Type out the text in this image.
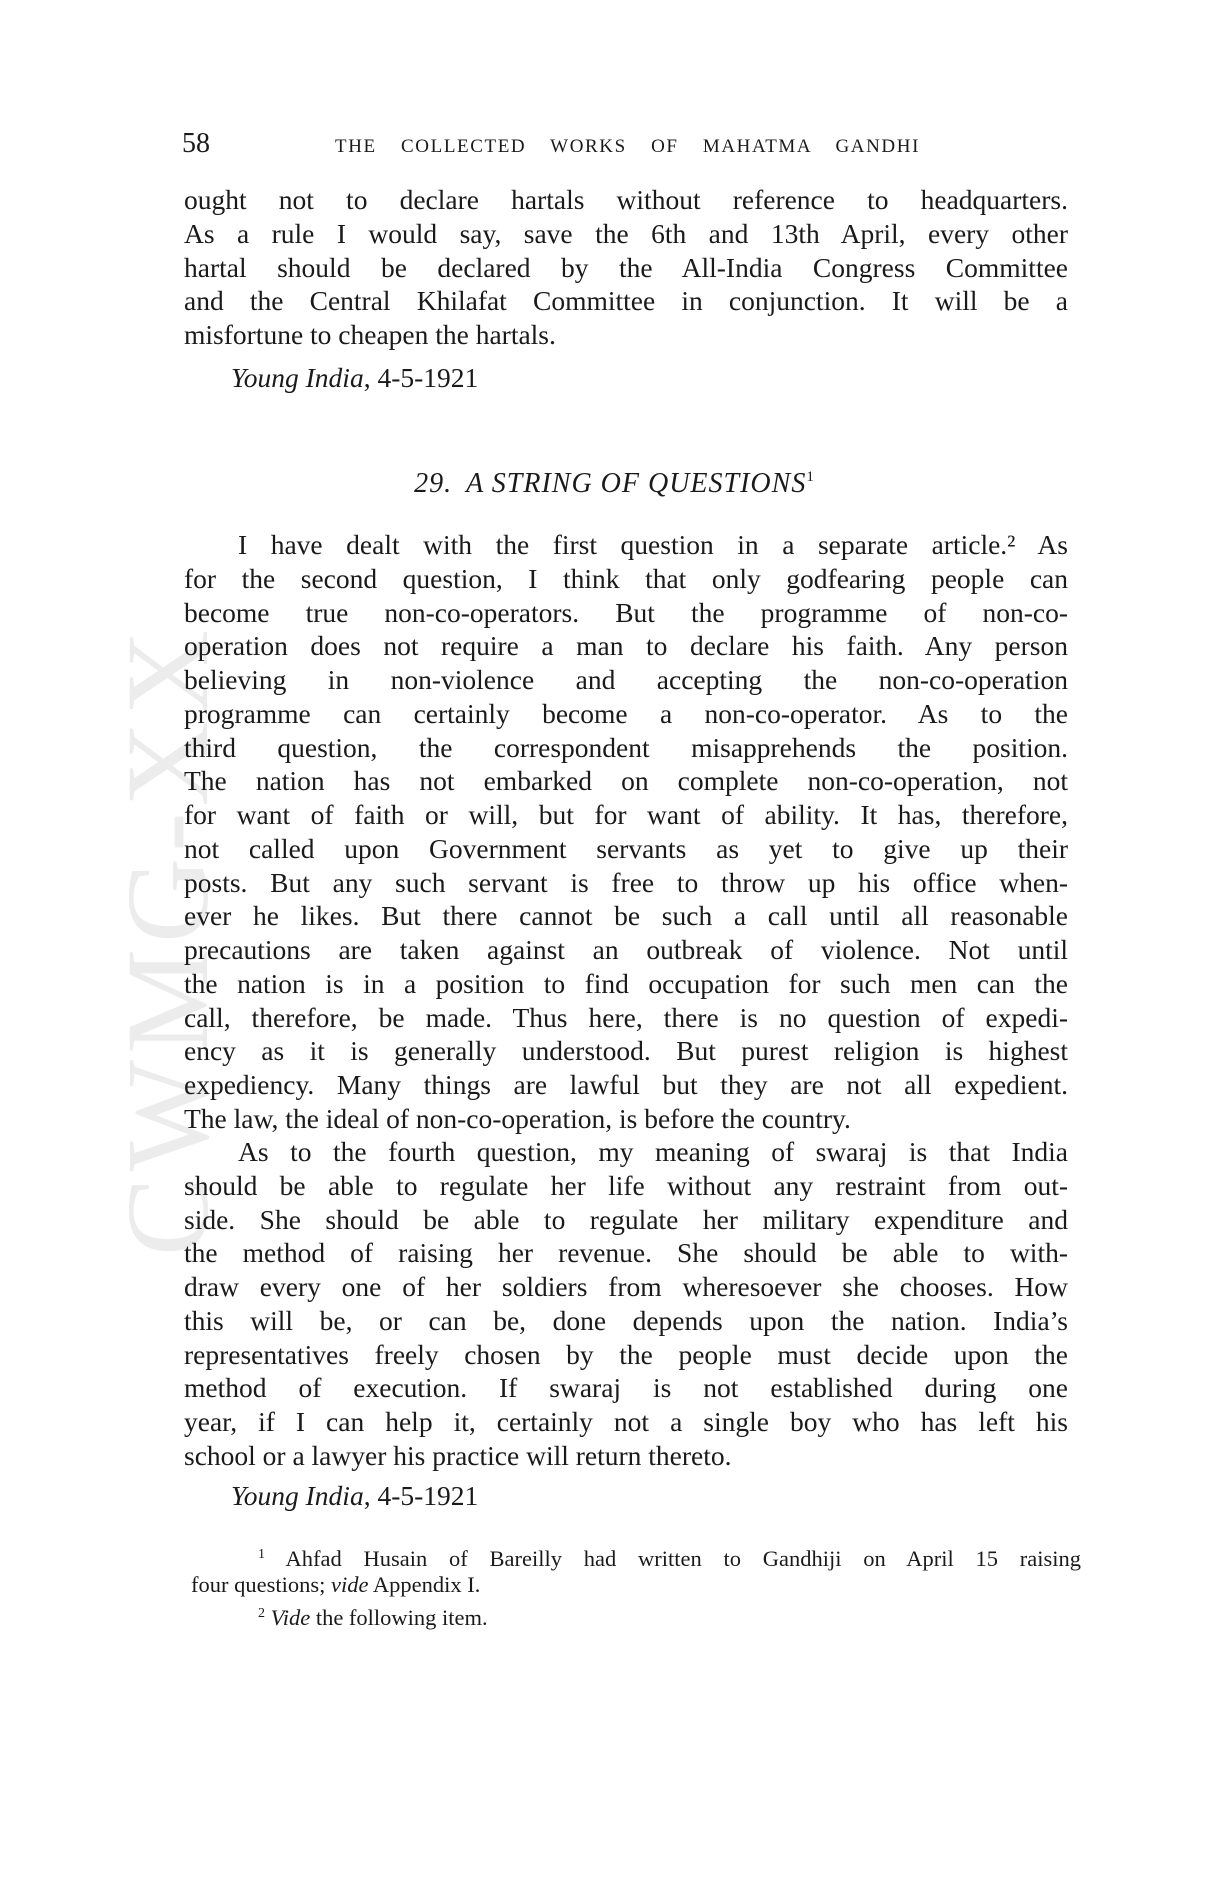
CWMG-XX
58	THE COLLECTED WORKS OF MAHATMA GANDHI
ought not to declare hartals without reference to headquarters.
As a rule I would say, save the 6th and 13th April, every other
hartal should be declared by the All-India Congress Committee
and the Central Khilafat Committee in conjunction. It will be a
misfortune to cheapen the hartals.
Young India, 4-5-1921
29. A STRING OF QUESTIONS$^1$
I have dealt with the first question in a separate article.² As
for the second question, I think that only godfearing people can
become true non-co-operators. But the programme of non-co-
operation does not require a man to declare his faith. Any person
believing in non-violence and accepting the non-co-operation
programme can certainly become a non-co-operator. As to the
third question, the correspondent misapprehends the position.
The nation has not embarked on complete non-co-operation, not
for want of faith or will, but for want of ability. It has, therefore,
not called upon Government servants as yet to give up their
posts. But any such servant is free to throw up his office when-
ever he likes. But there cannot be such a call until all reasonable
precautions are taken against an outbreak of violence. Not until
the nation is in a position to find occupation for such men can the
call, therefore, be made. Thus here, there is no question of expedi-
ency as it is generally understood. But purest religion is highest
expediency. Many things are lawful but they are not all expedient.
The law, the ideal of non-co-operation, is before the country.
As to the fourth question, my meaning of swaraj is that India
should be able to regulate her life without any restraint from out-
side. She should be able to regulate her military expenditure and
the method of raising her revenue. She should be able to with-
draw every one of her soldiers from wheresoever she chooses. How
this will be, or can be, done depends upon the nation. India’s
representatives freely chosen by the people must decide upon the
method of execution. If swaraj is not established during one
year, if I can help it, certainly not a single boy who has left his
school or a lawyer his practice will return thereto.
Young India, 4-5-1921
$^1$ Ahfad Husain of Bareilly had written to Gandhiji on April 15 raising
four questions; vide Appendix I.
$^2$ Vide the following item.
